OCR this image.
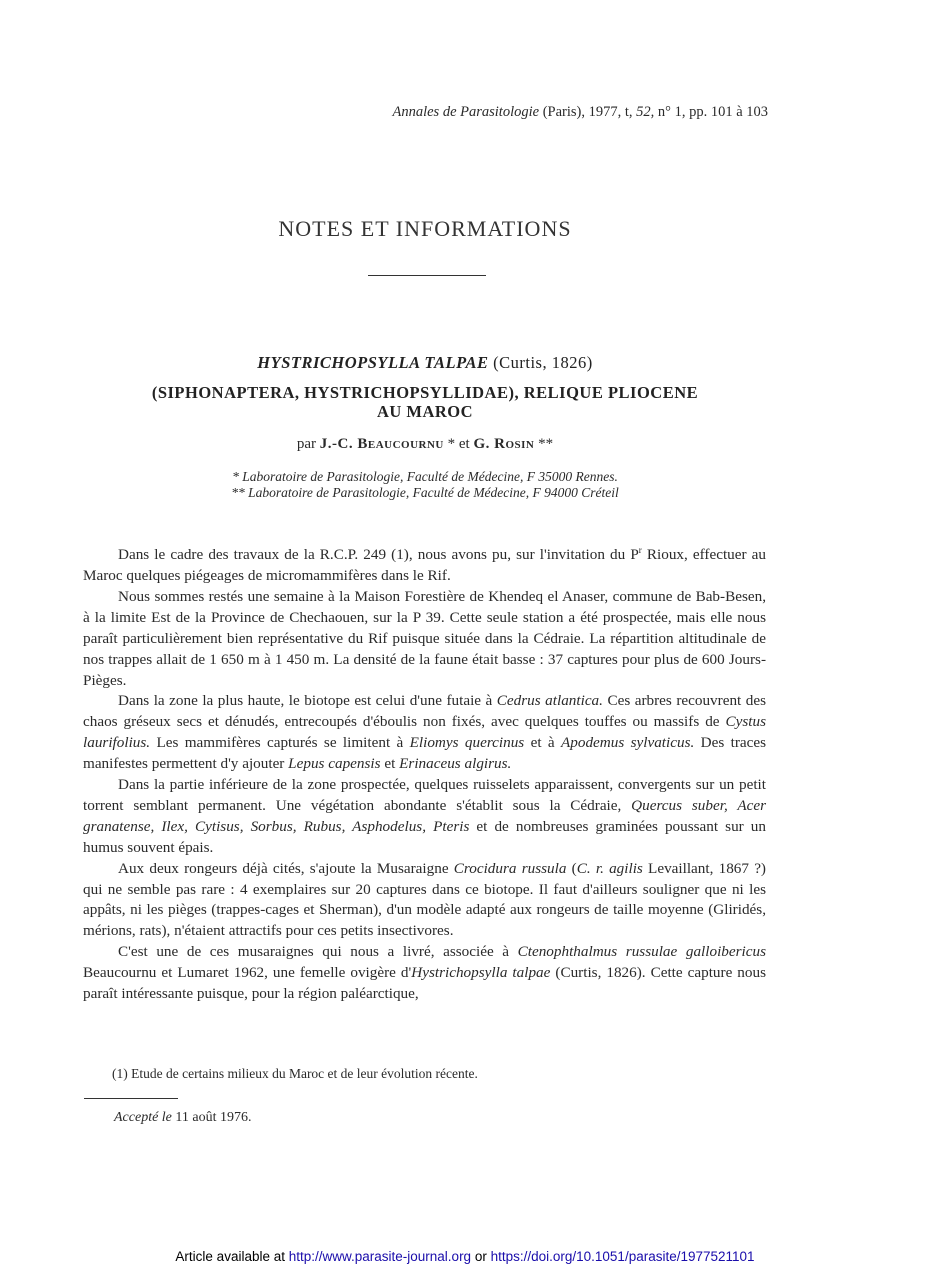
Annales de Parasitologie (Paris), 1977, t, 52, n° 1, pp. 101 à 103
NOTES ET INFORMATIONS
HYSTRICHOPSYLLA TALPAE (Curtis, 1826)
(SIPHONAPTERA, HYSTRICHOPSYLLIDAE), RELIQUE PLIOCENE
AU MAROC
par J.-C. Beaucournu * et G. Rosin **
* Laboratoire de Parasitologie, Faculté de Médecine, F 35000 Rennes.
** Laboratoire de Parasitologie, Faculté de Médecine, F 94000 Créteil

Dans le cadre des travaux de la R.C.P. 249 (1), nous avons pu, sur l'invitation du $P^r$ Rioux, effectuer au Maroc quelques piégeages de micromammifères dans le Rif.

Nous sommes restés une semaine à la Maison Forestière de Khendeq el Anaser, commune de Bab-Besen, à la limite Est de la Province de Chechaouen, sur la P 39. Cette seule station a été prospectée, mais elle nous paraît particulièrement bien représentative du Rif puisque située dans la Cédraie. La répartition altitudinale de nos trappes allait de 1 650 m à 1 450 m. La densité de la faune était basse : 37 captures pour plus de 600 Jours-Pièges.

Dans la zone la plus haute, le biotope est celui d'une futaie à Cedrus atlantica. Ces arbres recouvrent des chaos gréseux secs et dénudés, entrecoupés d'éboulis non fixés, avec quelques touffes ou massifs de Cystus laurifolius. Les mammifères capturés se limitent à Eliomys quercinus et à Apodemus sylvaticus. Des traces manifestes permettent d'y ajouter Lepus capensis et Erinaceus algirus.

Dans la partie inférieure de la zone prospectée, quelques ruisselets apparaissent, convergents sur un petit torrent semblant permanent. Une végétation abondante s'établit sous la Cédraie, Quercus suber, Acer granatense, Ilex, Cytisus, Sorbus, Rubus, Asphodelus, Pteris et de nombreuses graminées poussant sur un humus souvent épais.

Aux deux rongeurs déjà cités, s'ajoute la Musaraigne Crocidura russula (C. r. agilis Levaillant, 1867 ?) qui ne semble pas rare : 4 exemplaires sur 20 captures dans ce biotope. Il faut d'ailleurs souligner que ni les appâts, ni les pièges (trappes-cages et Sherman), d'un modèle adapté aux rongeurs de taille moyenne (Gliridés, mérions, rats), n'étaient attractifs pour ces petits insectivores.

C'est une de ces musaraignes qui nous a livré, associée à Ctenophthalmus russulae galloibericus Beaucournu et Lumaret 1962, une femelle ovigère d'Hystrichopsylla talpae (Curtis, 1826). Cette capture nous paraît intéressante puisque, pour la région paléarctique,

(1) Etude de certains milieux du Maroc et de leur évolution récente.
Accepté le 11 août 1976.
Article available at http://www.parasite-journal.org or https://doi.org/10.1051/parasite/1977521101
